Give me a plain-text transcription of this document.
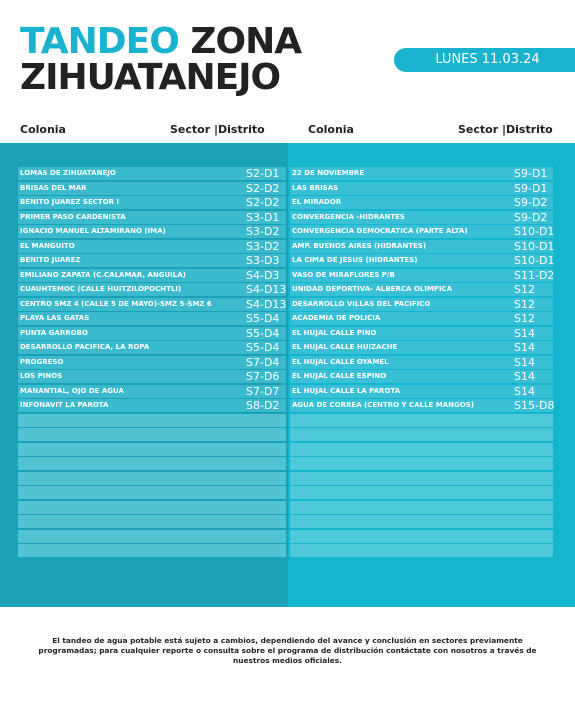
TANDEO ZONA
ZIHUATANEJO	LUNES 11.03.24
Colonia	Sector |Distrito	Colonia	Sector |Distrito
LOMAS DE ZIHUATANEJO	S2-D1 22 DE NOVIEMBRE	S9-D1
BRISAS DEL MAR	S2-D2 LAS BRISAS	S9-D1
BENITO JUAREZ SECTOR I	S2-D2 EL MIRADOR	S9-D2
PRIMER PASO CARDENISTA	S3-D1 CONVERGENCIA -HIDRANTES	S9-D2
IGNACIO MANUEL ALTAMIRANO (IMA)	S3-D2 CONVERGENCIA DEMOCRATICA (PARTE ALTA)	S10-D1
EL MANGUITO	S3-D2 AMP. BUENOS AIRES (HIDRANTES)	S10-D1
BENITO JUAREZ	S3-D3 LA CIMA DE JESUS (HIDRANTES)	S10-D1
EMILIANO ZAPATA (C.CALAMAR, ANGUILA)	S4-D3 VASO DE MIRAFLORES P/B	S11-D2
CUAUHTEMOC (CALLE HUITZILOPOCHTLI)	S4-D13 UNIDAD DEPORTIVA- ALBERCA OLIMPICA	S12
CENTRO SMZ 4 (CALLE 5 DE MAYO)-SMZ 5-SMZ 6	S4-D13 DESARROLLO VILLAS DEL PACIFICO	S12
PLAYA LAS GATAS	S5-D4 ACADEMIA DE POLICIA	S12
PUNTA GARROBO	S5-D4 EL HUJAL CALLE PINO	S14
DESARROLLO PACIFICA, LA ROPA	S5-D4 EL HUJAL CALLE HUIZACHE	S14
PROGRESO	S7-D4 EL HUJAL CALLE OYAMEL	S14
LOS PINOS	S7-D6 EL HUJAL CALLE ESPINO	S14
MANANTIAL, OJO DE AGUA	S7-D7 EL HUJAL CALLE LA PAROTA	S14
INFONAVIT LA PAROTA	S8-D2 AGUA DE CORREA (CENTRO Y CALLE MANGOS)	S15-D8
El tandeo de agua potable está sujeto a cambios, dependiendo del avance y conclusión en sectores previamente programadas; para cualquier reporte o consulta sobre el programa de distribución contáctate con nosotros a través de nuestros medios oficiales.
